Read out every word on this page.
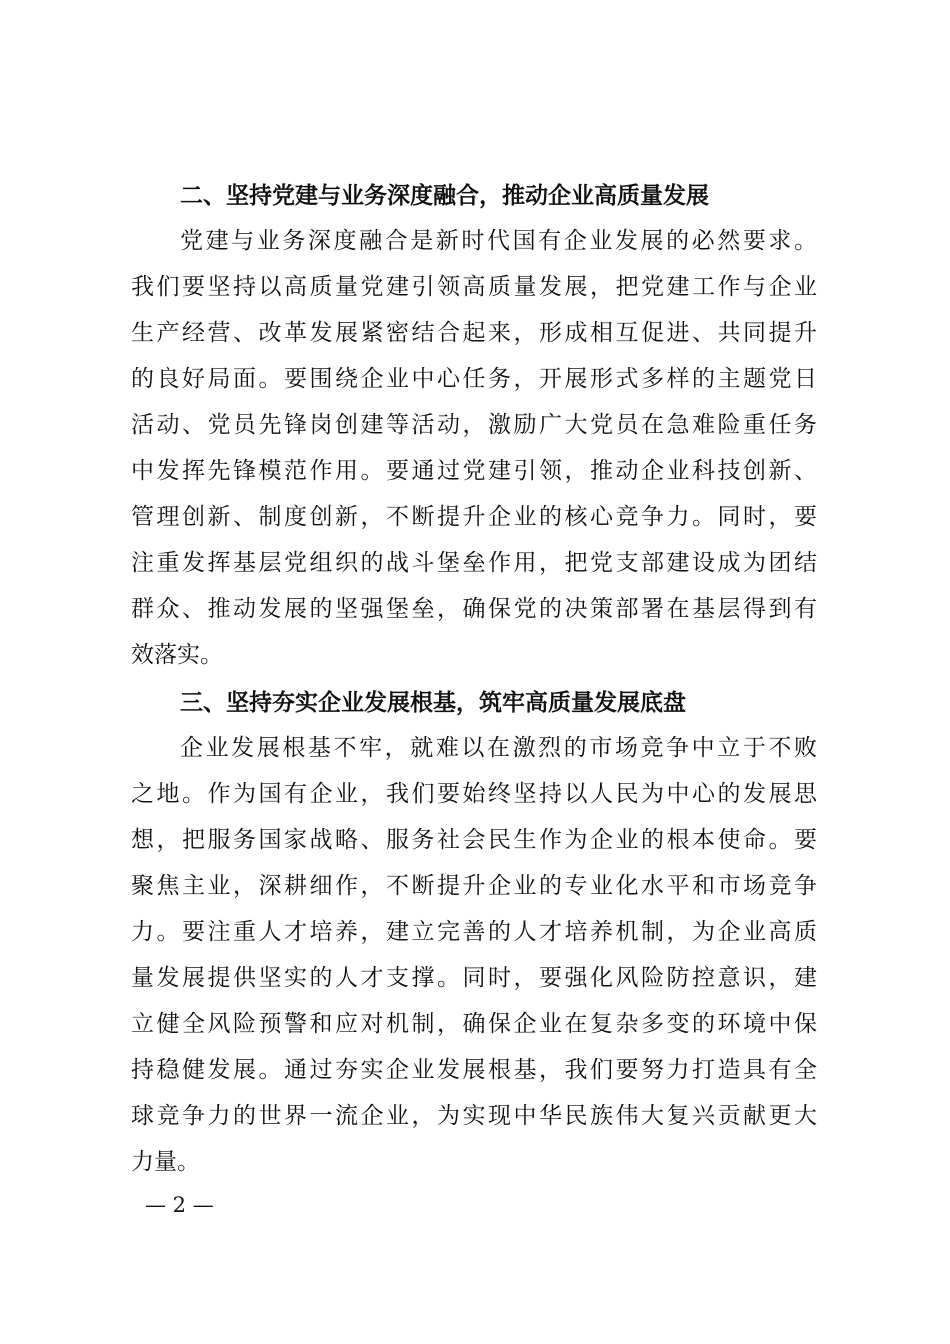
二、坚持党建与业务深度融合，推动企业高质量发展
党建与业务深度融合是新时代国有企业发展的必然要求。
我们要坚持以高质量党建引领高质量发展，把党建工作与企业
生产经营、改革发展紧密结合起来，形成相互促进、共同提升
的良好局面。要围绕企业中心任务，开展形式多样的主题党日
活动、党员先锋岗创建等活动，激励广大党员在急难险重任务
中发挥先锋模范作用。要通过党建引领，推动企业科技创新、
管理创新、制度创新，不断提升企业的核心竞争力。同时，要
注重发挥基层党组织的战斗堡垒作用，把党支部建设成为团结
群众、推动发展的坚强堡垒，确保党的决策部署在基层得到有
效落实。
三、坚持夯实企业发展根基，筑牢高质量发展底盘
企业发展根基不牢，就难以在激烈的市场竞争中立于不败
之地。作为国有企业，我们要始终坚持以人民为中心的发展思
想，把服务国家战略、服务社会民生作为企业的根本使命。要
聚焦主业，深耕细作，不断提升企业的专业化水平和市场竞争
力。要注重人才培养，建立完善的人才培养机制，为企业高质
量发展提供坚实的人才支撑。同时，要强化风险防控意识，建
立健全风险预警和应对机制，确保企业在复杂多变的环境中保
持稳健发展。通过夯实企业发展根基，我们要努力打造具有全
球竞争力的世界一流企业，为实现中华民族伟大复兴贡献更大
力量。
— 2 —
